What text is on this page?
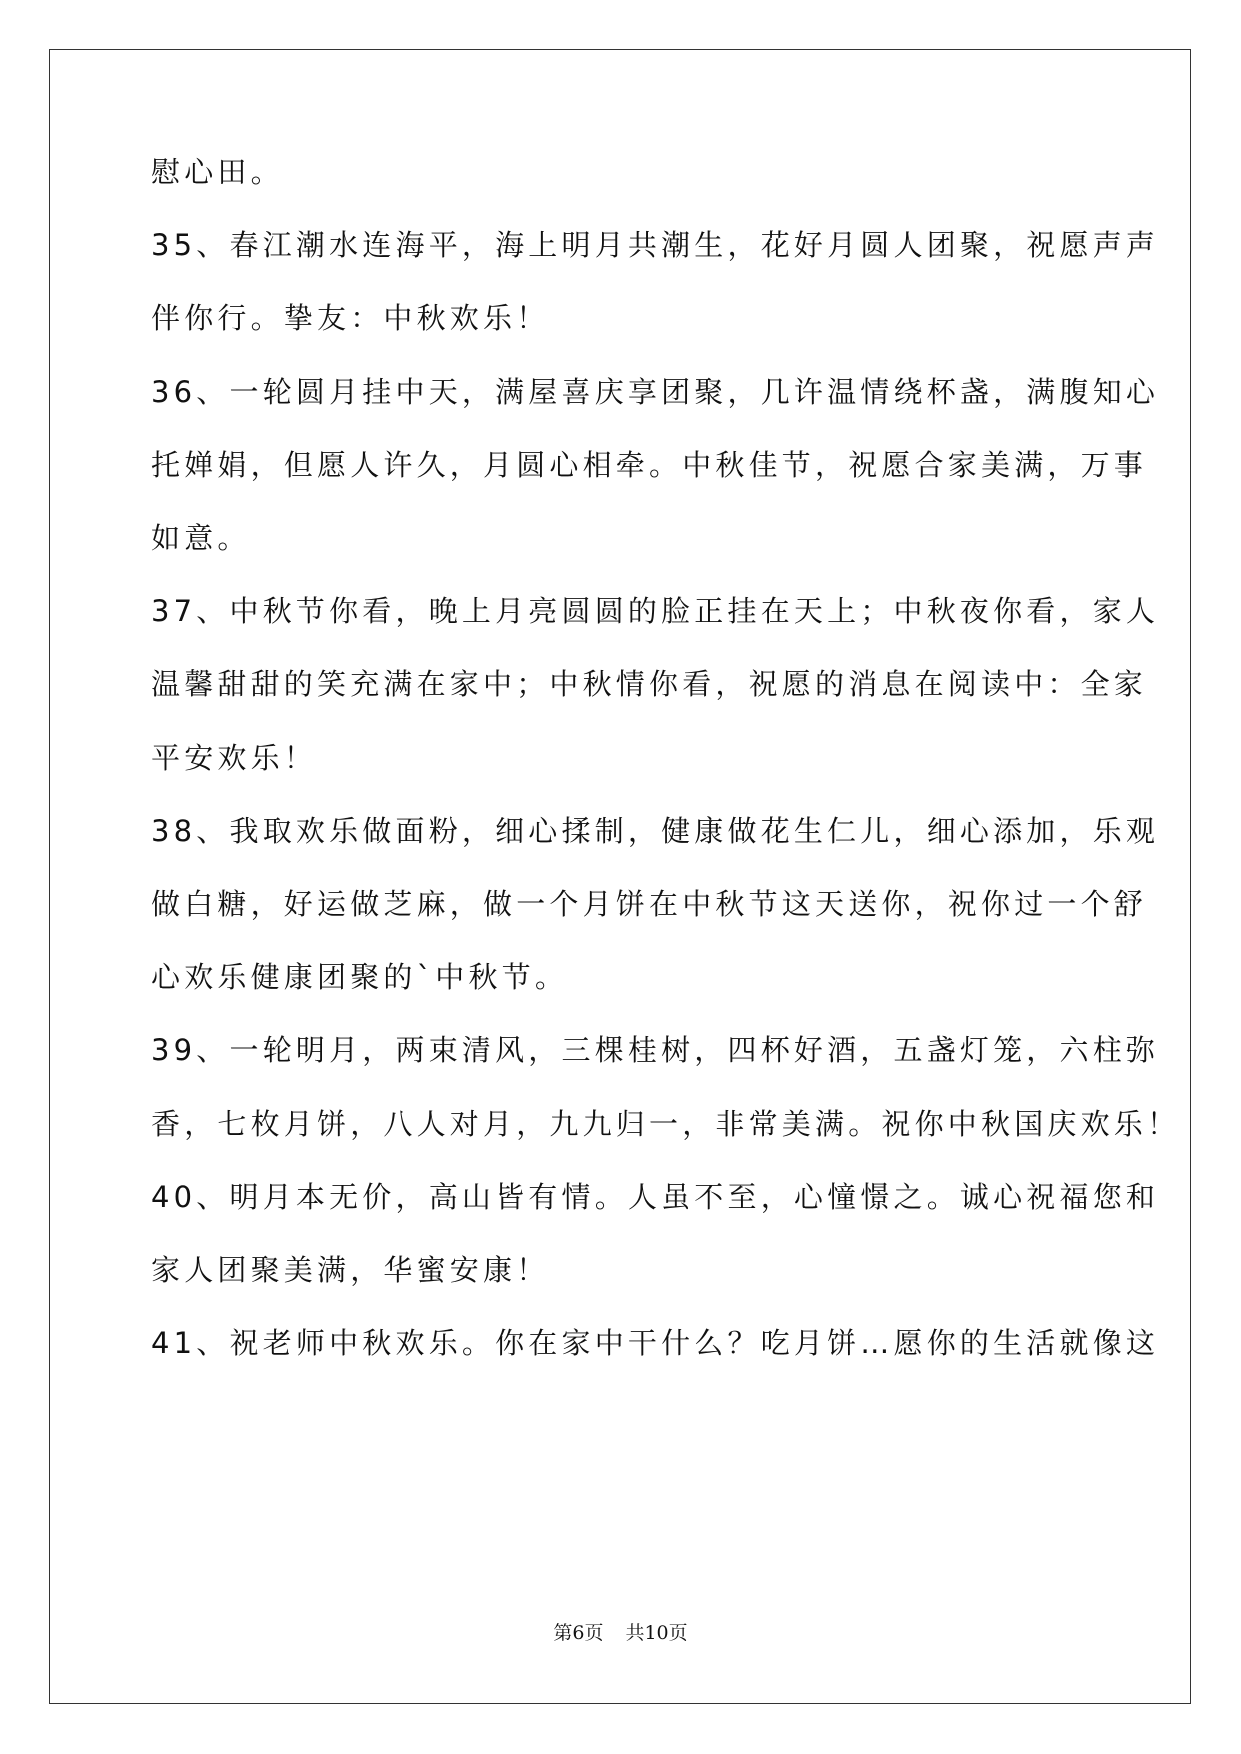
慰心田。
35、春江潮水连海平，海上明月共潮生，花好月圆人团聚，祝愿声声
伴你行。挚友：中秋欢乐！
36、一轮圆月挂中天，满屋喜庆享团聚，几许温情绕杯盏，满腹知心
托婵娟，但愿人许久，月圆心相牵。中秋佳节，祝愿合家美满，万事
如意。
37、中秋节你看，晚上月亮圆圆的脸正挂在天上；中秋夜你看，家人
温馨甜甜的笑充满在家中；中秋情你看，祝愿的消息在阅读中：全家
平安欢乐！
38、我取欢乐做面粉，细心揉制，健康做花生仁儿，细心添加，乐观
做白糖，好运做芝麻，做一个月饼在中秋节这天送你，祝你过一个舒
心欢乐健康团聚的`中秋节。
39、一轮明月，两束清风，三棵桂树，四杯好酒，五盏灯笼，六柱弥
香，七枚月饼，八人对月，九九归一，非常美满。祝你中秋国庆欢乐！
40、明月本无价，高山皆有情。人虽不至，心憧憬之。诚心祝福您和
家人团聚美满，华蜜安康！
41、祝老师中秋欢乐。你在家中干什么？吃月饼…愿你的生活就像这
第6页 共10页
